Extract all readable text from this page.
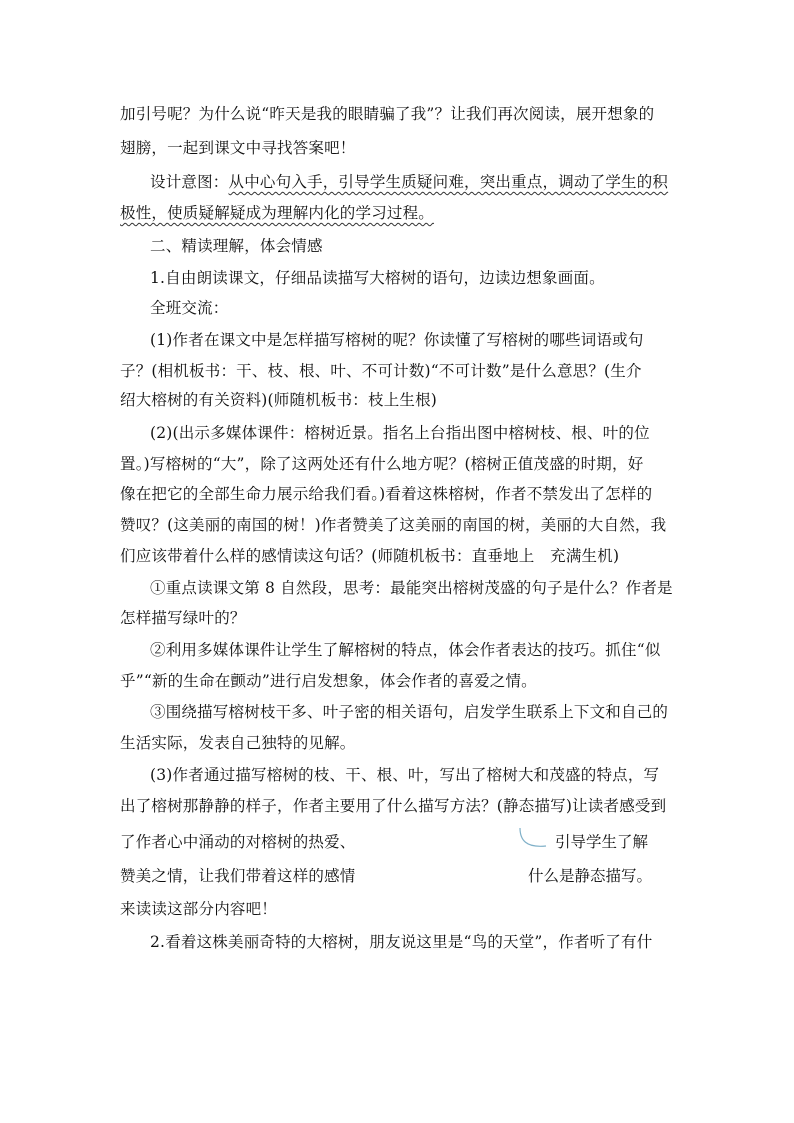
加引号呢？为什么说“昨天是我的眼睛骗了我”？让我们再次阅读，展开想象的
翅膀，一起到课文中寻找答案吧！
设计意图：从中心句入手，引导学生质疑问难，突出重点，调动了学生的积
极性，使质疑解疑成为理解内化的学习过程。
二、精读理解，体会情感
1.自由朗读课文，仔细品读描写大榕树的语句，边读边想象画面。
全班交流：
(1)作者在课文中是怎样描写榕树的呢？你读懂了写榕树的哪些词语或句
子？(相机板书：干、枝、根、叶、不可计数)“不可计数”是什么意思？(生介
绍大榕树的有关资料)(师随机板书：枝上生根)
(2)(出示多媒体课件：榕树近景。指名上台指出图中榕树枝、根、叶的位
置。)写榕树的“大”，除了这两处还有什么地方呢？(榕树正值茂盛的时期，好
像在把它的全部生命力展示给我们看。)看着这株榕树，作者不禁发出了怎样的
赞叹？(这美丽的南国的树！)作者赞美了这美丽的南国的树，美丽的大自然，我
们应该带着什么样的感情读这句话？(师随机板书：直垂地上　充满生机)
①重点读课文第 8 自然段，思考：最能突出榕树茂盛的句子是什么？作者是
怎样描写绿叶的？
②利用多媒体课件让学生了解榕树的特点，体会作者表达的技巧。抓住“似
乎”“新的生命在颤动”进行启发想象，体会作者的喜爱之情。
③围绕描写榕树枝干多、叶子密的相关语句，启发学生联系上下文和自己的
生活实际，发表自己独特的见解。
(3)作者通过描写榕树的枝、干、根、叶，写出了榕树大和茂盛的特点，写
出了榕树那静静的样子，作者主要用了什么描写方法？(静态描写)让读者感受到
了作者心中涌动的对榕树的热爱、
赞美之情，让我们带着这样的感情
来读读这部分内容吧！
引导学生了解
什么是静态描写。
2.看着这株美丽奇特的大榕树，朋友说这里是“鸟的天堂”，作者听了有什
